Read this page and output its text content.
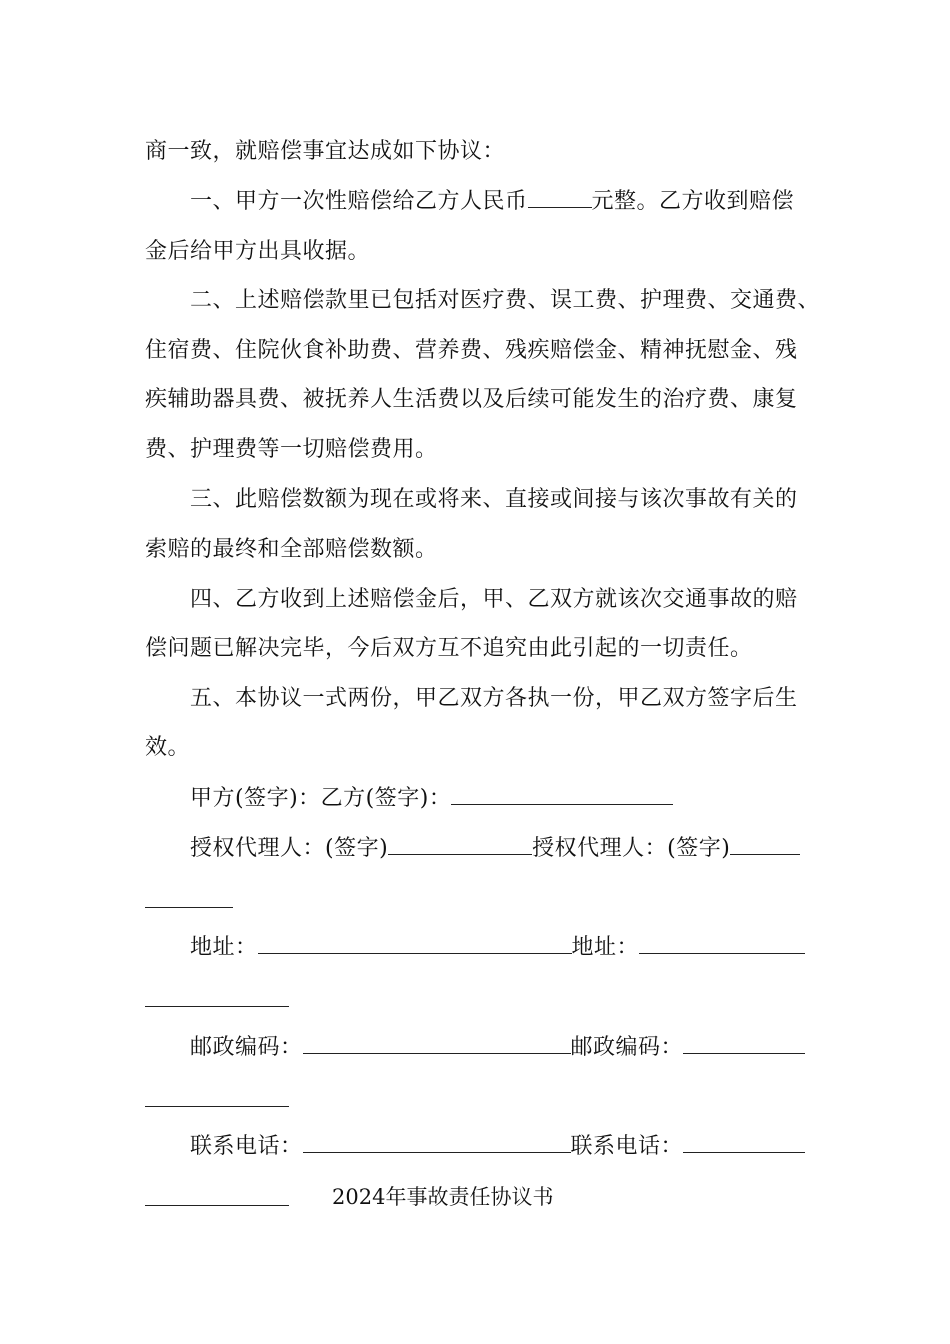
商一致，就赔偿事宜达成如下协议：
一、甲方一次性赔偿给乙方人民币	元整。乙方收到赔偿
金后给甲方出具收据。
二、上述赔偿款里已包括对医疗费、误工费、护理费、交通费、
住宿费、住院伙食补助费、营养费、残疾赔偿金、精神抚慰金、残
疾辅助器具费、被抚养人生活费以及后续可能发生的治疗费、康复
费、护理费等一切赔偿费用。
三、此赔偿数额为现在或将来、直接或间接与该次事故有关的
索赔的最终和全部赔偿数额。
四、乙方收到上述赔偿金后，甲、乙双方就该次交通事故的赔
偿问题已解决完毕，今后双方互不追究由此引起的一切责任。
五、本协议一式两份，甲乙双方各执一份，甲乙双方签字后生
效。
甲方(签字)：乙方(签字)：
授权代理人：(签字)	授权代理人：(签字)
地址：	地址：
邮政编码：	邮政编码：
联系电话：	联系电话：
2024年事故责任协议书
